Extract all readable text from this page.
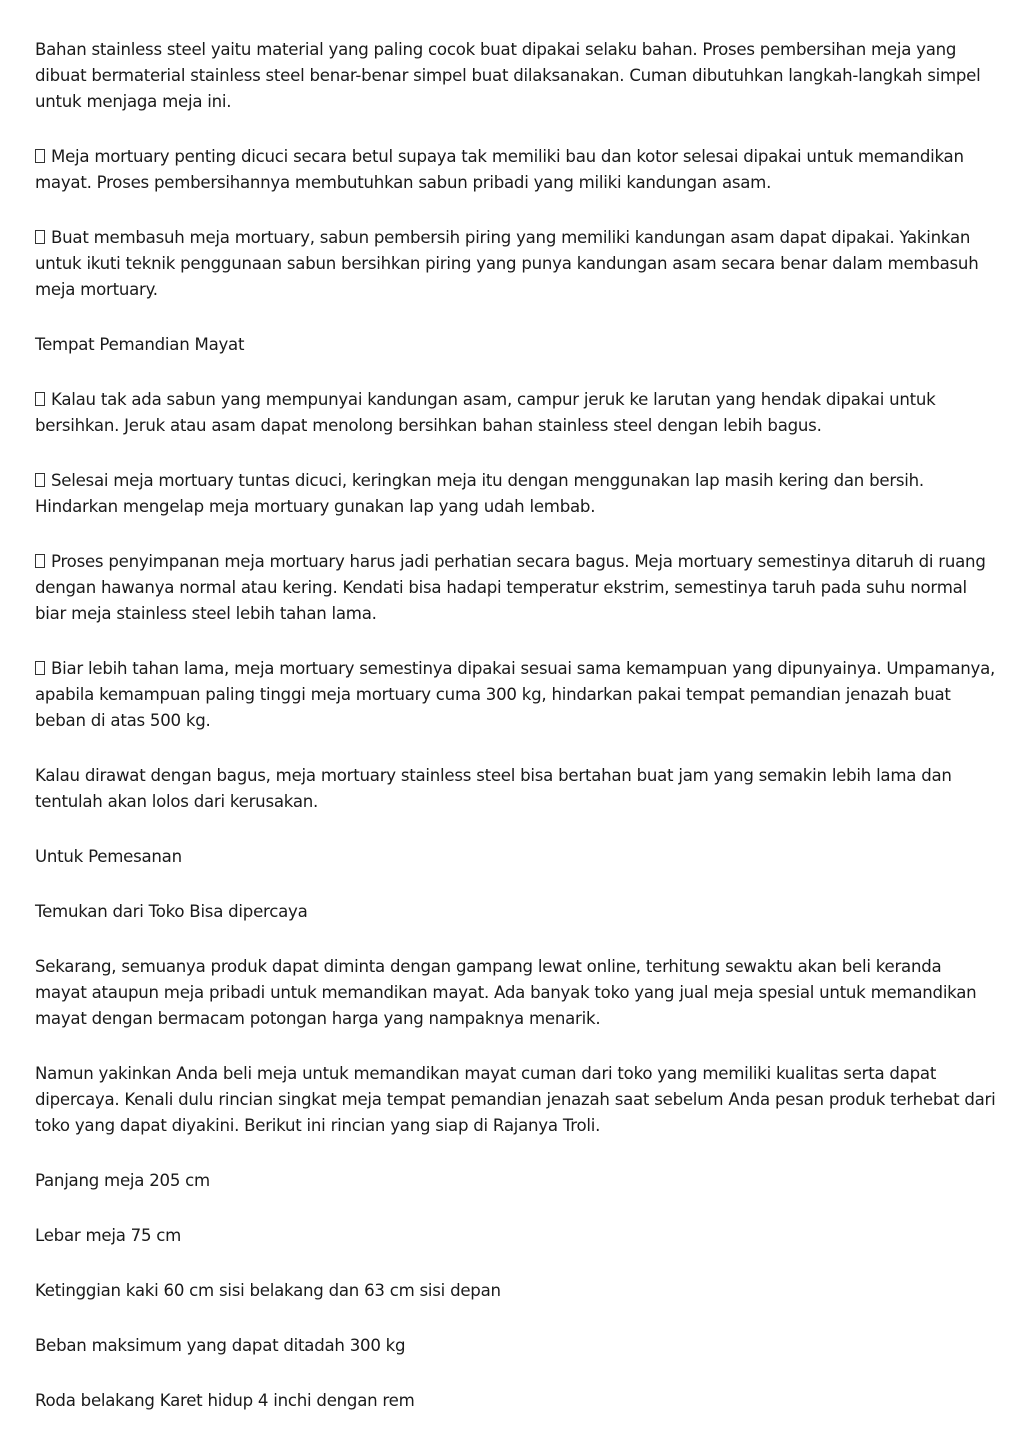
Bahan stainless steel yaitu material yang paling cocok buat dipakai selaku bahan. Proses pembersihan meja yang dibuat bermaterial stainless steel benar-benar simpel buat dilaksanakan. Cuman dibutuhkan langkah-langkah simpel untuk menjaga meja ini.

Meja mortuary penting dicuci secara betul supaya tak memiliki bau dan kotor selesai dipakai untuk memandikan mayat. Proses pembersihannya membutuhkan sabun pribadi yang miliki kandungan asam.

Buat membasuh meja mortuary, sabun pembersih piring yang memiliki kandungan asam dapat dipakai. Yakinkan untuk ikuti teknik penggunaan sabun bersihkan piring yang punya kandungan asam secara benar dalam membasuh meja mortuary.

Tempat Pemandian Mayat

Kalau tak ada sabun yang mempunyai kandungan asam, campur jeruk ke larutan yang hendak dipakai untuk bersihkan. Jeruk atau asam dapat menolong bersihkan bahan stainless steel dengan lebih bagus.

Selesai meja mortuary tuntas dicuci, keringkan meja itu dengan menggunakan lap masih kering dan bersih. Hindarkan mengelap meja mortuary gunakan lap yang udah lembab.

Proses penyimpanan meja mortuary harus jadi perhatian secara bagus. Meja mortuary semestinya ditaruh di ruang dengan hawanya normal atau kering. Kendati bisa hadapi temperatur ekstrim, semestinya taruh pada suhu normal biar meja stainless steel lebih tahan lama.

Biar lebih tahan lama, meja mortuary semestinya dipakai sesuai sama kemampuan yang dipunyainya. Umpamanya, apabila kemampuan paling tinggi meja mortuary cuma 300 kg, hindarkan pakai tempat pemandian jenazah buat beban di atas 500 kg.

Kalau dirawat dengan bagus, meja mortuary stainless steel bisa bertahan buat jam yang semakin lebih lama dan tentulah akan lolos dari kerusakan.

Untuk Pemesanan

Temukan dari Toko Bisa dipercaya

Sekarang, semuanya produk dapat diminta dengan gampang lewat online, terhitung sewaktu akan beli keranda mayat ataupun meja pribadi untuk memandikan mayat. Ada banyak toko yang jual meja spesial untuk memandikan mayat dengan bermacam potongan harga yang nampaknya menarik.

Namun yakinkan Anda beli meja untuk memandikan mayat cuman dari toko yang memiliki kualitas serta dapat dipercaya. Kenali dulu rincian singkat meja tempat pemandian jenazah saat sebelum Anda pesan produk terhebat dari toko yang dapat diyakini. Berikut ini rincian yang siap di Rajanya Troli.

Panjang meja 205 cm

Lebar meja 75 cm

Ketinggian kaki 60 cm sisi belakang dan 63 cm sisi depan

Beban maksimum yang dapat ditadah 300 kg

Roda belakang Karet hidup 4 inchi dengan rem
